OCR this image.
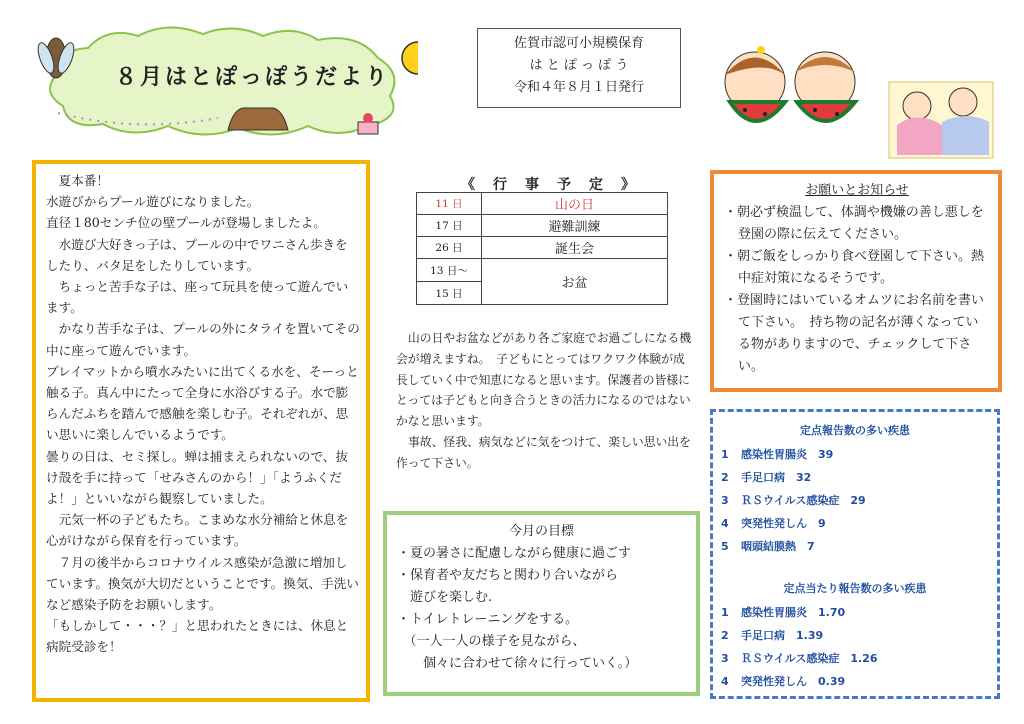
８月はとぽっぽうだより
佐賀市認可小規模保育
は と ぽ っ ぽ う
令和４年８月１日発行

　夏本番！

水遊びからプール遊びになりました。

直径１80センチ位の壁プールが登場しましたよ。

　水遊び大好きっ子は、プールの中でワニさん歩きをしたり、バタ足をしたりしています。

　ちょっと苦手な子は、座って玩具を使って遊んでいます。

　かなり苦手な子は、プールの外にタライを置いてその中に座って遊んでいます。

プレイマットから噴水みたいに出てくる水を、そーっと触る子。真ん中にたって全身に水浴びする子。水で膨らんだふちを踏んで感触を楽しむ子。それぞれが、思い思いに楽しんでいるようです。

曇りの日は、セミ探し。蝉は捕まえられないので、抜け殻を手に持って「せみさんのから！」「ようふくだよ！」といいながら観察していました。

　元気一杯の子どもたち。こまめな水分補給と休息を心がけながら保育を行っています。

　７月の後半からコロナウイルス感染が急激に増加しています。換気が大切だということです。換気、手洗いなど感染予防をお願いします。

「もしかして・・・？」と思われたときには、休息と病院受診を！

《　行　事　予　定　》
11 日	山の日
17 日	避難訓練
26 日	誕生会
13 日～	お盆
15 日	

山の日やお盆などがあり各ご家庭でお過ごしになる機会が増えますね。　子どもにとってはワクワク体験が成長していく中で知恵になると思います。保護者の皆様にとっては子どもと向き合うときの活力になるのではないかなと思います。

事故、怪我、病気などに気をつけて、楽しい思い出を作って下さい。

今月の目標
・夏の暑さに配慮しながら健康に過ごす
・保育者や友だちと関わり合いながら
　遊びを楽しむ.
・トイレトレーニングをする。
　（一人一人の様子を見ながら、
　　個々に合わせて徐々に行っていく。）
お願いとお知らせ
・朝必ず検温して、体調や機嫌の善し悪しを登園の際に伝えてください。
・朝ご飯をしっかり食べ登園して下さい。熱中症対策になるそうです。
・登園時にはいているオムツにお名前を書いて下さい。　持ち物の記名が薄くなっている物がありますので、チェックして下さい。
定点報告数の多い疾患
1 感染性胃腸炎　39
2 手足口病　32
3 ＲＳウイルス感染症　29
4 突発性発しん　9
5 咽頭結膜熱　7
定点当たり報告数の多い疾患
1 感染性胃腸炎　1.70
2 手足口病　1.39
3 ＲＳウイルス感染症　1.26
4 突発性発しん　0.39
